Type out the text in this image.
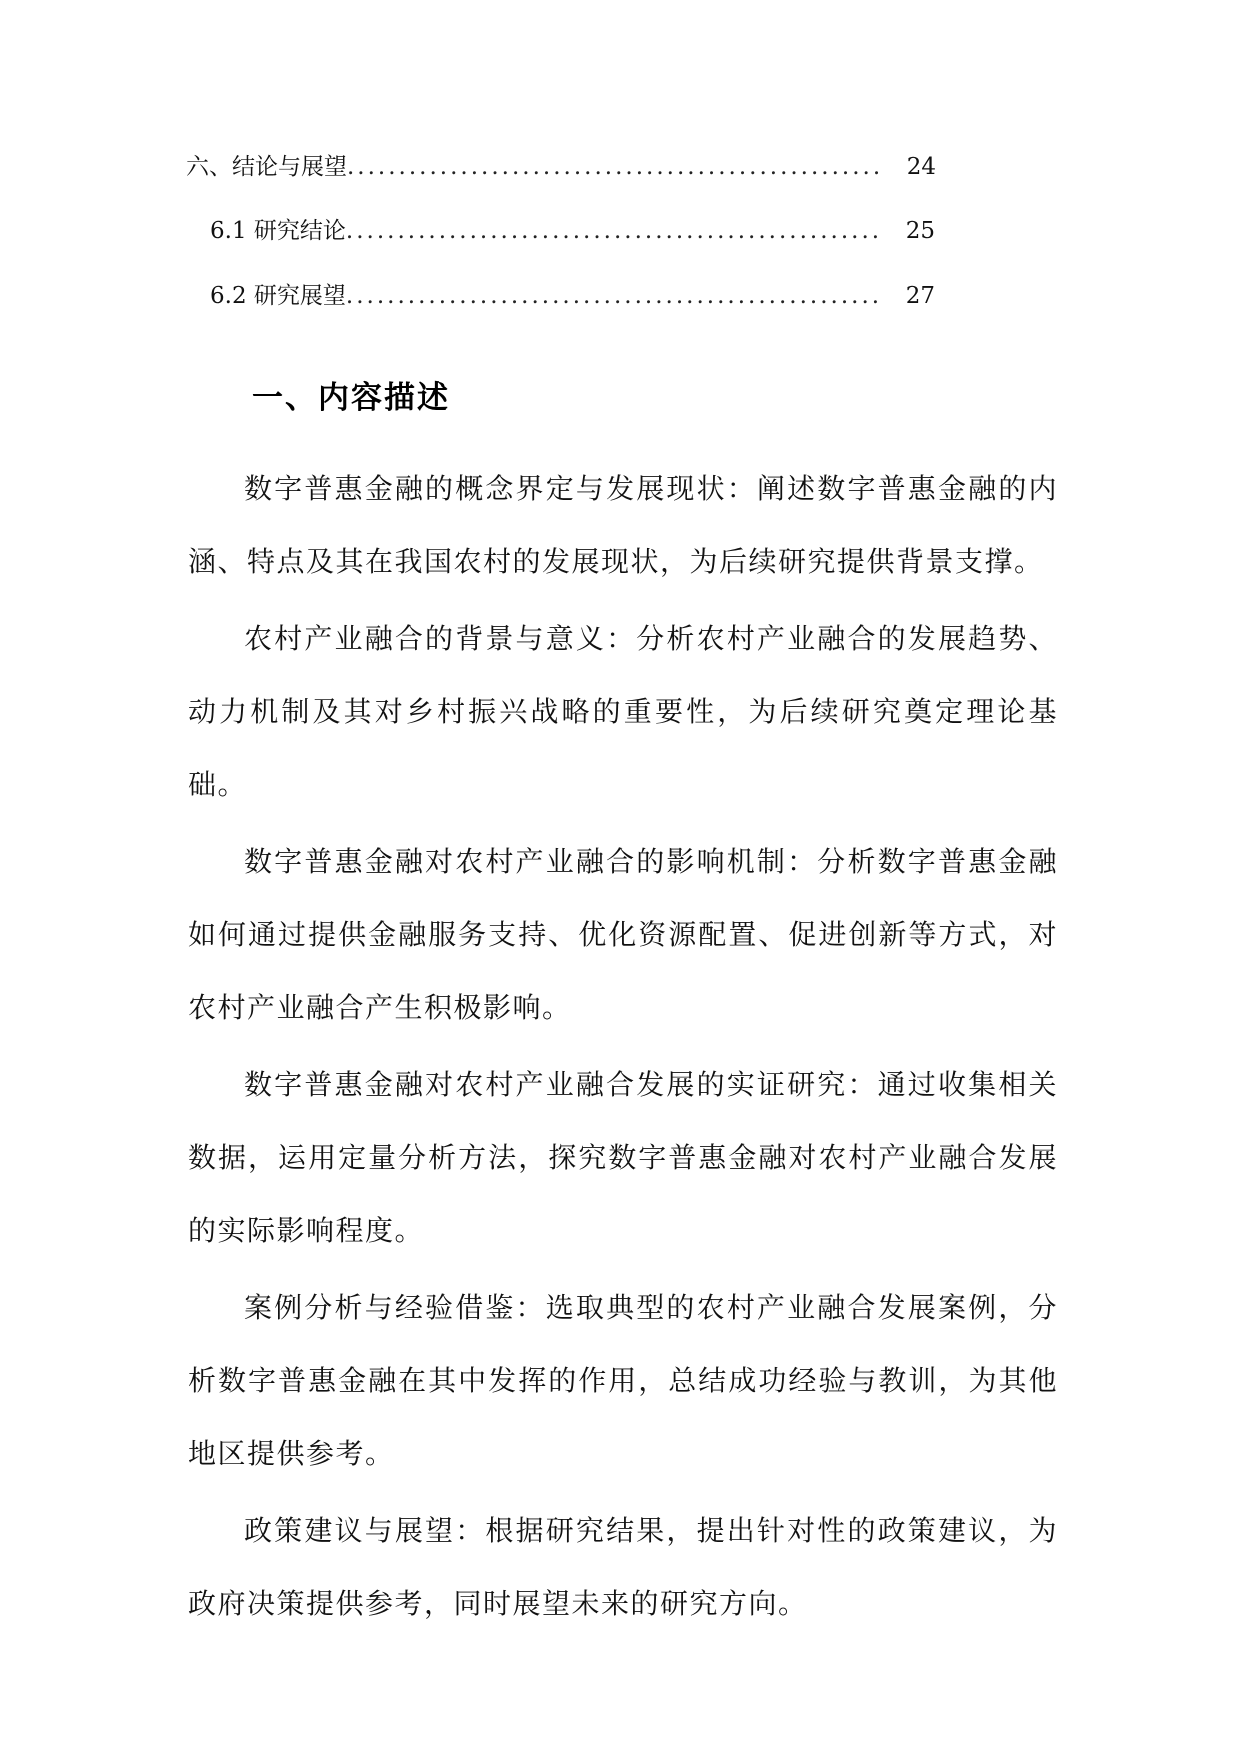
六、结论与展望 ....................................................	24
6.1 研究结论 ....................................................	25
6.2 研究展望 ....................................................	27
一、内容描述

数字普惠金融的概念界定与发展现状：阐述数字普惠金融的内涵、特点及其在我国农村的发展现状，为后续研究提供背景支撑。

农村产业融合的背景与意义：分析农村产业融合的发展趋势、动力机制及其对乡村振兴战略的重要性，为后续研究奠定理论基础。

数字普惠金融对农村产业融合的影响机制：分析数字普惠金融如何通过提供金融服务支持、优化资源配置、促进创新等方式，对农村产业融合产生积极影响。

数字普惠金融对农村产业融合发展的实证研究：通过收集相关数据，运用定量分析方法，探究数字普惠金融对农村产业融合发展的实际影响程度。

案例分析与经验借鉴：选取典型的农村产业融合发展案例，分析数字普惠金融在其中发挥的作用，总结成功经验与教训，为其他地区提供参考。

政策建议与展望：根据研究结果，提出针对性的政策建议，为政府决策提供参考，同时展望未来的研究方向。
